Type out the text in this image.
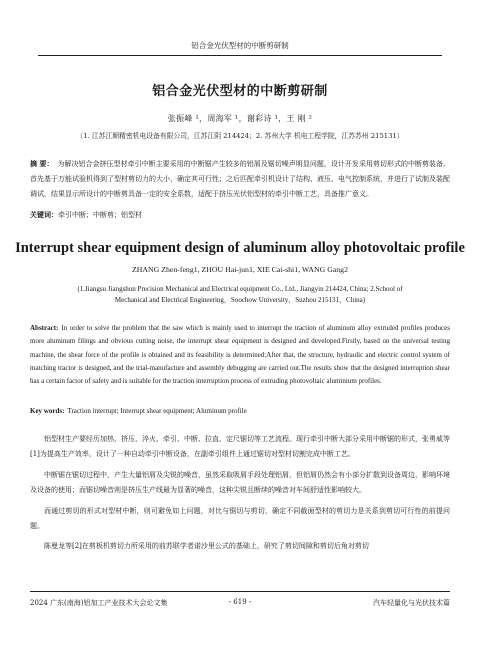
铝合金光伏型材的中断剪研制
铝合金光伏型材的中断剪研制
张振峰 ¹，周海军 ¹，谢彩诗 ¹，王 刚 ²
（1. 江苏江顺精密机电设备有限公司，江苏江阴 214424；2. 苏州大学 机电工程学院，江苏苏州 215131）
摘 要： 为解决铝合金挤压型材牵引中断主要采用的中断锯产生较多的铝屑及锯切噪声明显问题，设计开发采用剪切形式的中断剪装备。首先基于万能试验机得到了型材剪切力的大小，确定其可行性；之后匹配牵引机设计了结构、液压、电气控制系统，并进行了试制及装配调试，结果显示所设计的中断剪具备一定的安全系数，适配于挤压光伏铝型材的牵引中断工艺，具备推广意义。
关键词：牵引中断；中断剪；铝型材
Interrupt shear equipment design of aluminum alloy photovoltaic profile
ZHANG Zhen-feng1, ZHOU Hai-jun1, XIE Cai-shi1, WANG Gang2
(1.Jiangsu Jiangshun Precision Mechanical and Electrical equipment Co., Ltd., Jiangyin 214424, China; 2.School of Mechanical and Electrical Engineering，Soochow University，Suzhou 215131，China)
Abstract: In order to solve the problem that the saw which is mainly used to interrupt the traction of aluminum alloy extruded profiles produces more aluminum filings and obvious cutting noise, the interrupt shear equipment is designed and developed.Firstly, based on the universal testing machine, the shear force of the profile is obtained and its feasibility is determined;After that, the structure, hydraulic and electric control system of matching tractor is designed, and the trial-manufacture and assembly debugging are carried out.The results show that the designed interruption shear has a certain factor of safety and is suitable for the traction interruption process of extruding photovoltaic aluminium profiles.
Key words: Traction interrupt; Interrupt shear equipment; Aluminum profile

铝型材生产要经历加热、挤压、淬火、牵引、中断、拉直、定尺锯切等工艺流程。现行牵引中断大部分采用中断锯的形式，张勇威等[1]为提高生产效率，设计了一种自动牵引中断设备，在副牵引组件上通过锯切对型材切割完成中断工艺。

中断锯在锯切过程中，产生大量铝屑及尖锐的噪音，虽然采取吸屑手段处理铝屑，但铝屑仍然会有小部分扩散到设备周边，影响环境及设备的使用；而锯切噪音则是挤压生产线最为显著的噪音，这种尖锐且断续的噪音对车间舒适性影响较大。

而通过剪切的形式对型材中断，则可避免如上问题，对比与锯切与剪切，确定不同截面型材的剪切力是关系到剪切可行性的前提问题。

陈曼龙等[2]在剪板机剪切力所采用的前苏联学者诺沙里公式的基础上，研究了剪切间隙和剪切后角对剪切

2024 广东(南海)铝加工产业技术大会论文集	- 619 -	汽车轻量化与光伏技术篇
